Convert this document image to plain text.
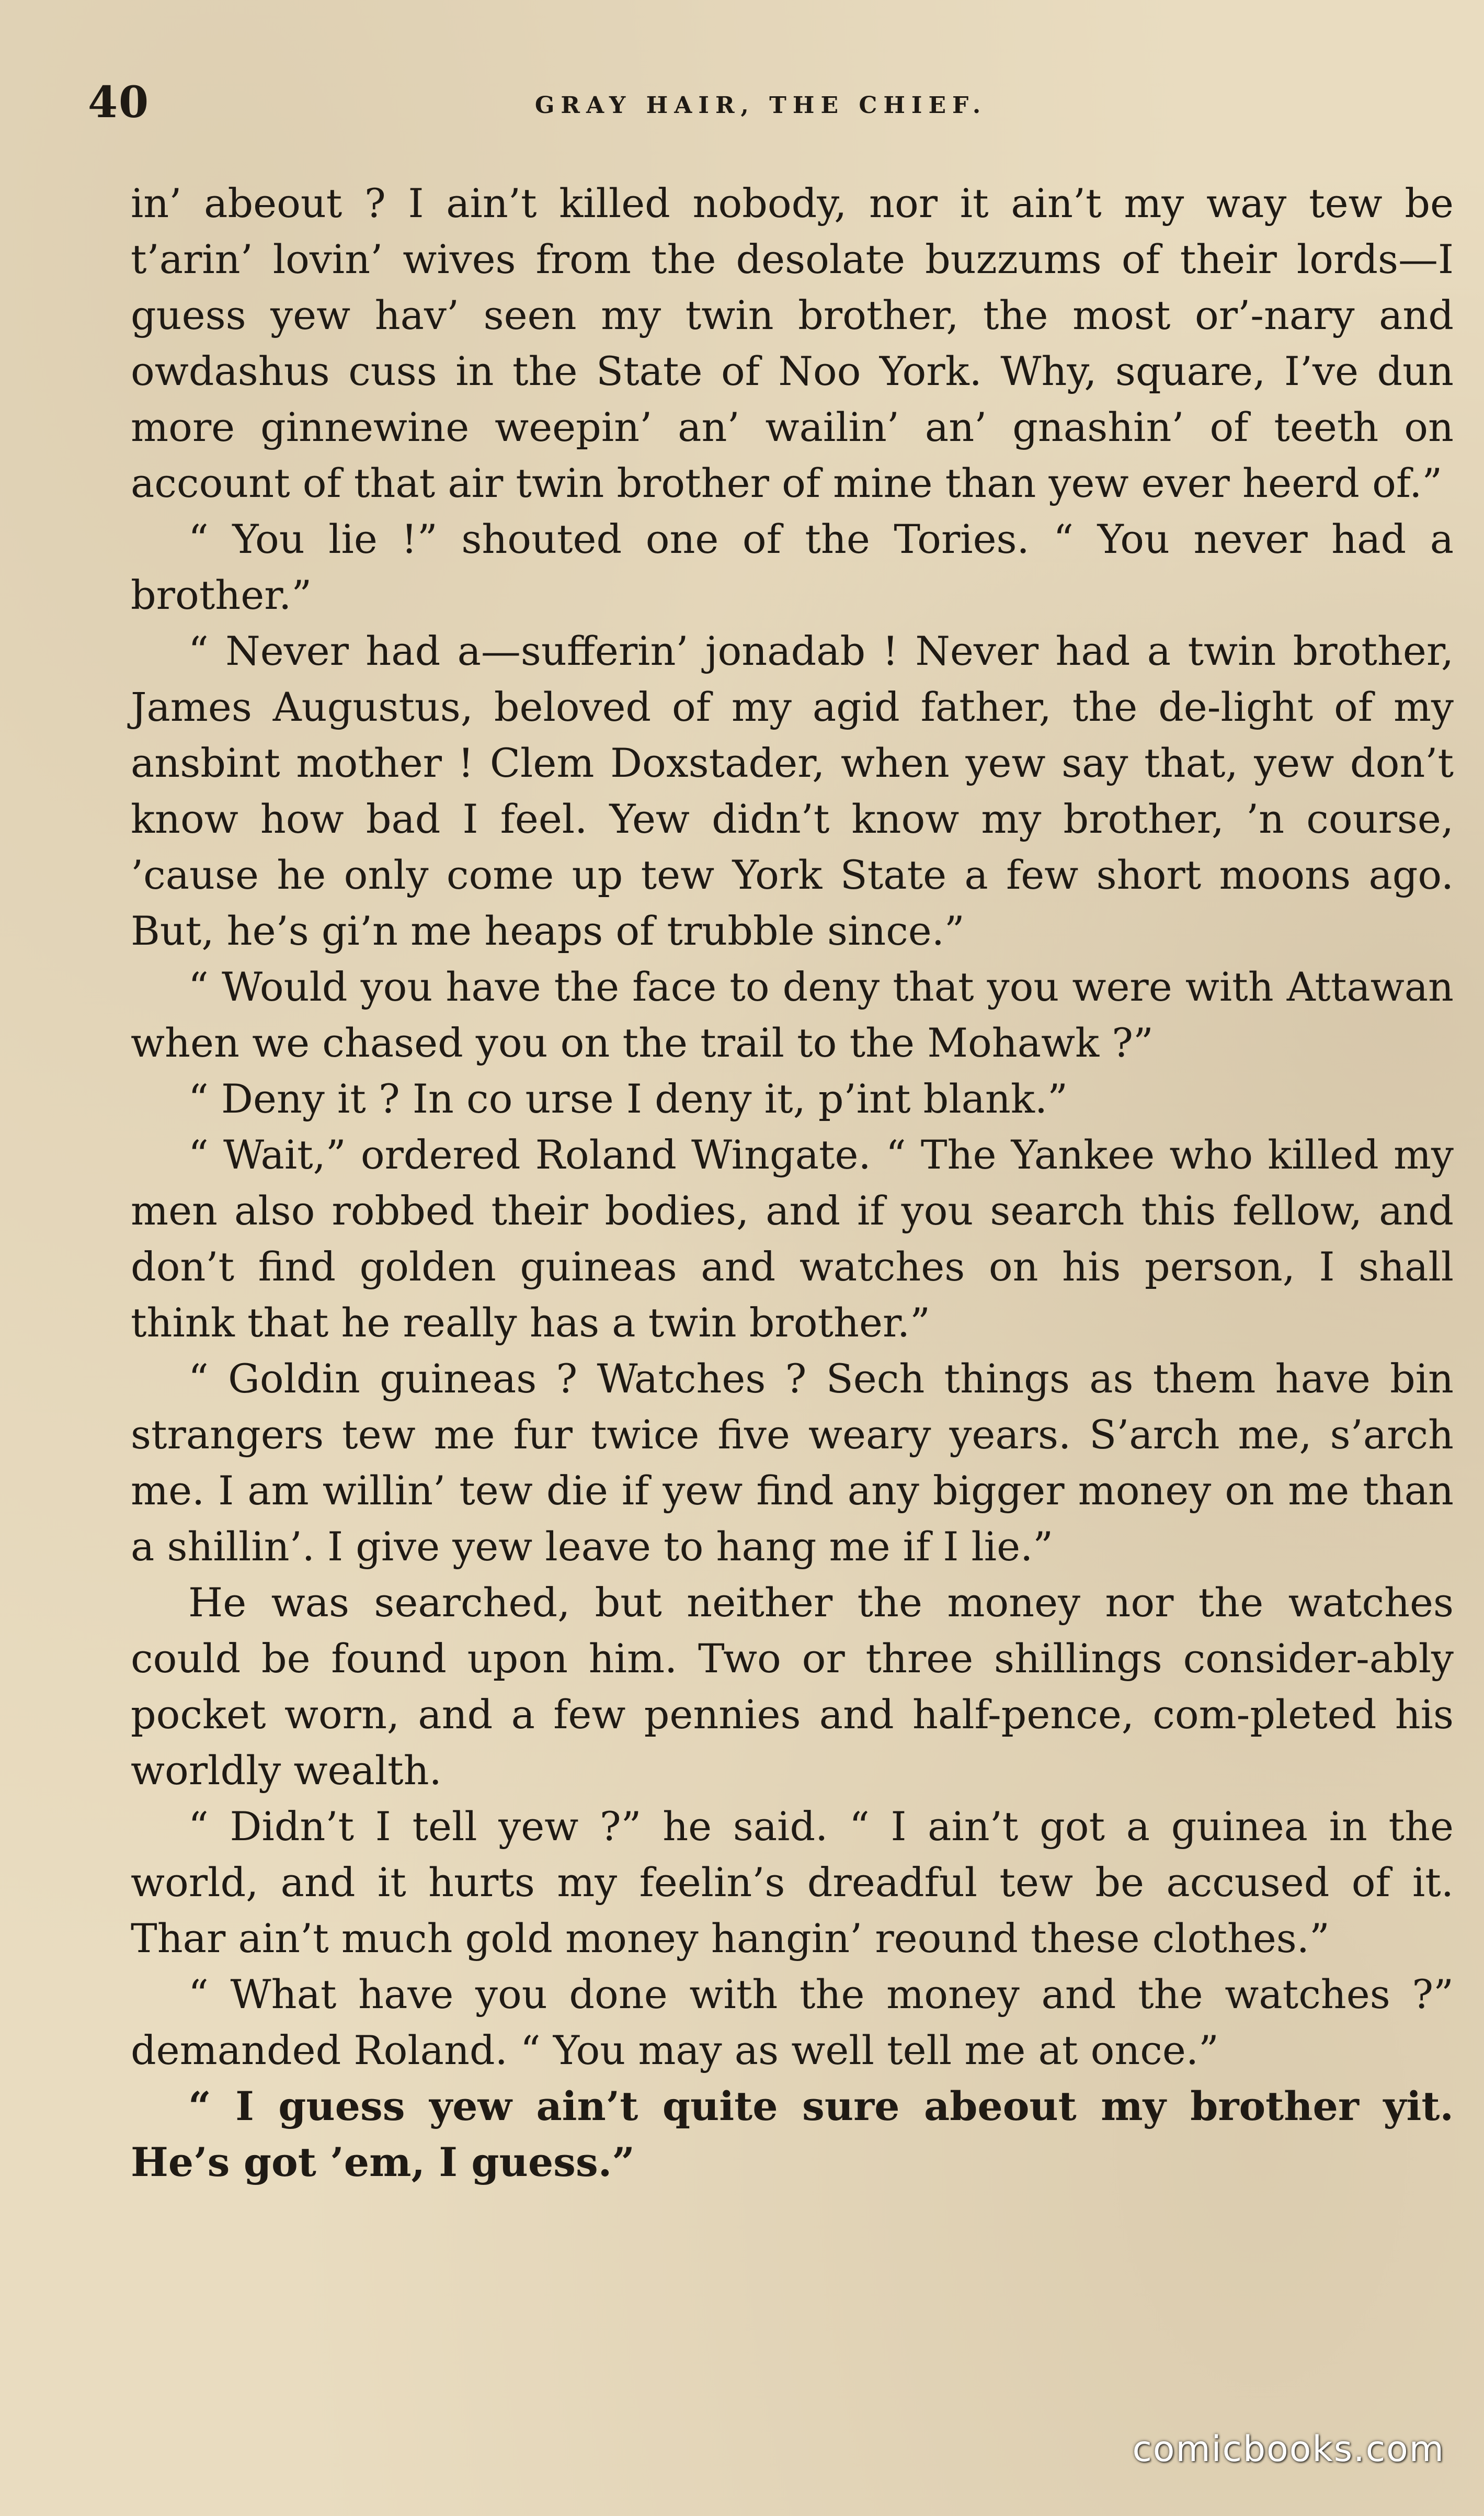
40	GRAY HAIR, THE CHIEF.

in’ abeout ? I ain’t killed nobody, nor it ain’t my way tew be t’arin’ lovin’ wives from the desolate buzzums of their lords—I guess yew hav’ seen my twin brother, the most or’-nary and owdashus cuss in the State of Noo York. Why, square, I’ve dun more ginnewine weepin’ an’ wailin’ an’ gnashin’ of teeth on account of that air twin brother of mine than yew ever heerd of.”

“ You lie !” shouted one of the Tories. “ You never had a brother.”

“ Never had a—sufferin’ jonadab ! Never had a twin brother, James Augustus, beloved of my agid father, the de-light of my ansbint mother ! Clem Doxstader, when yew say that, yew don’t know how bad I feel. Yew didn’t know my brother, ’n course, ’cause he only come up tew York State a few short moons ago. But, he’s gi’n me heaps of trubble since.”

“ Would you have the face to deny that you were with Attawan when we chased you on the trail to the Mohawk ?”

“ Deny it ? In co urse I deny it, p’int blank.”

“ Wait,” ordered Roland Wingate. “ The Yankee who killed my men also robbed their bodies, and if you search this fellow, and don’t find golden guineas and watches on his person, I shall think that he really has a twin brother.”

“ Goldin guineas ? Watches ? Sech things as them have bin strangers tew me fur twice five weary years. S’arch me, s’arch me. I am willin’ tew die if yew find any bigger money on me than a shillin’. I give yew leave to hang me if I lie.”

He was searched, but neither the money nor the watches could be found upon him. Two or three shillings consider-ably pocket worn, and a few pennies and half-pence, com-pleted his worldly wealth.

“ Didn’t I tell yew ?” he said. “ I ain’t got a guinea in the world, and it hurts my feelin’s dreadful tew be accused of it. Thar ain’t much gold money hangin’ reound these clothes.”

“ What have you done with the money and the watches ?” demanded Roland. “ You may as well tell me at once.”

“ I guess yew ain’t quite sure abeout my brother yit. He’s got ’em, I guess.”

comicbooks.com
